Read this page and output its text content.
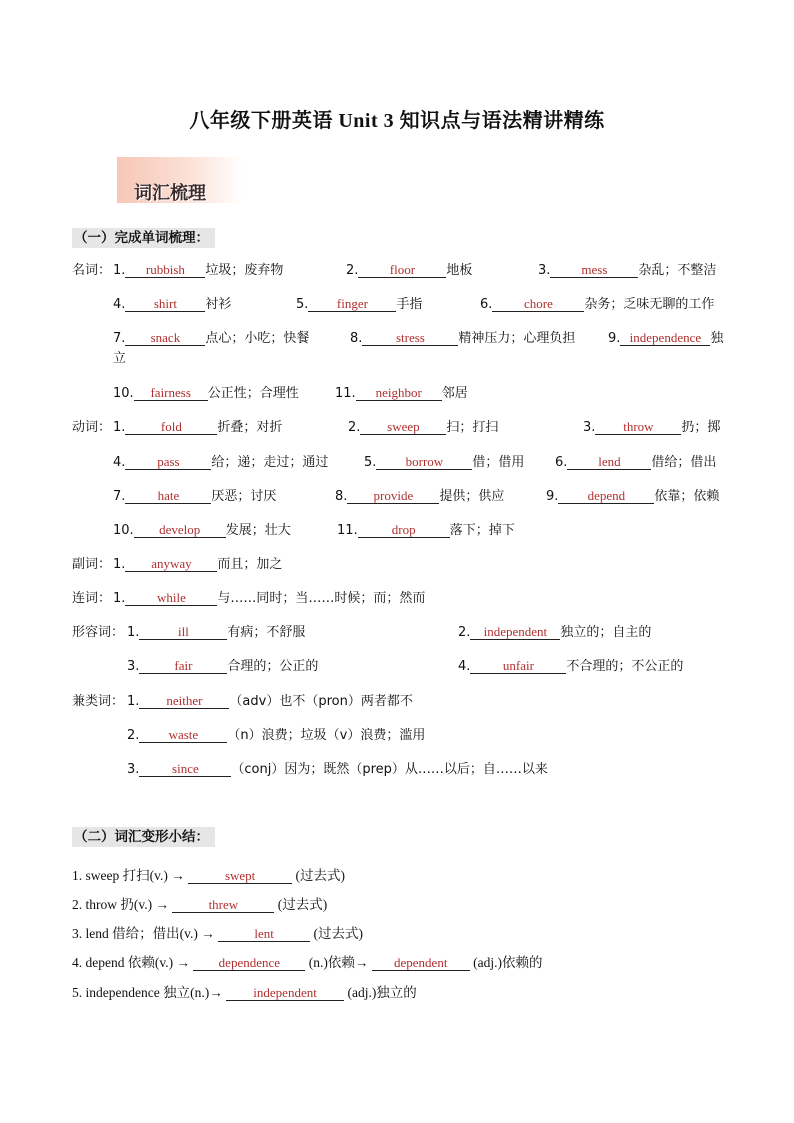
八年级下册英语 Unit 3 知识点与语法精讲精练
词汇梳理
（一）完成单词梳理：
名词： 1. rubbish 垃圾；废弃物	2. floor 地板	3. mess 杂乱；不整洁
4. shirt 衬衫	5. finger 手指	6. chore 杂务；乏味无聊的工作
7. snack 点心；小吃；快餐	8.	stress	精神压力；心理负担	9. independence 独
立
10. fairness 公正性；合理性	11. neighbor 邻居
动词： 1.	fold	折叠；对折	2. sweep 扫；打扫	3. throw 扔；掷
4. pass 给；递；走过；通过	5. borrow 借；借用 6. lend 借给；借出
7. hate 厌恶；讨厌	8. provide 提供；供应	9. depend 依靠；依赖
10. develop 发展；壮大	11.	drop	落下；掉下
副词： 1. anyway 而且；加之
连词： 1. while 与……同时；当……时候；而；然而
形容词： 1.	ill	有病；不舒服	2. independent 独立的；自主的
3.	fair	合理的；公正的	4. unfair 不合理的；不公正的
兼类词： 1. neither （adv）也不（pron）两者都不
2. waste （n）浪费；垃圾（v）浪费；滥用
3.	since	（conj）因为；既然（prep）从……以后；自……以来
（二）词汇变形小结：
1. sweep 打扫(v.) →	swept	(过去式)
2. throw 扔(v.) →	threw	(过去式)
3. lend 借给；借出(v.) →	lent	(过去式)
4. depend 依赖(v.) → dependence (n.)依赖→ dependent (adj.)依赖的
5. independence 独立(n.)→ independent (adj.)独立的
